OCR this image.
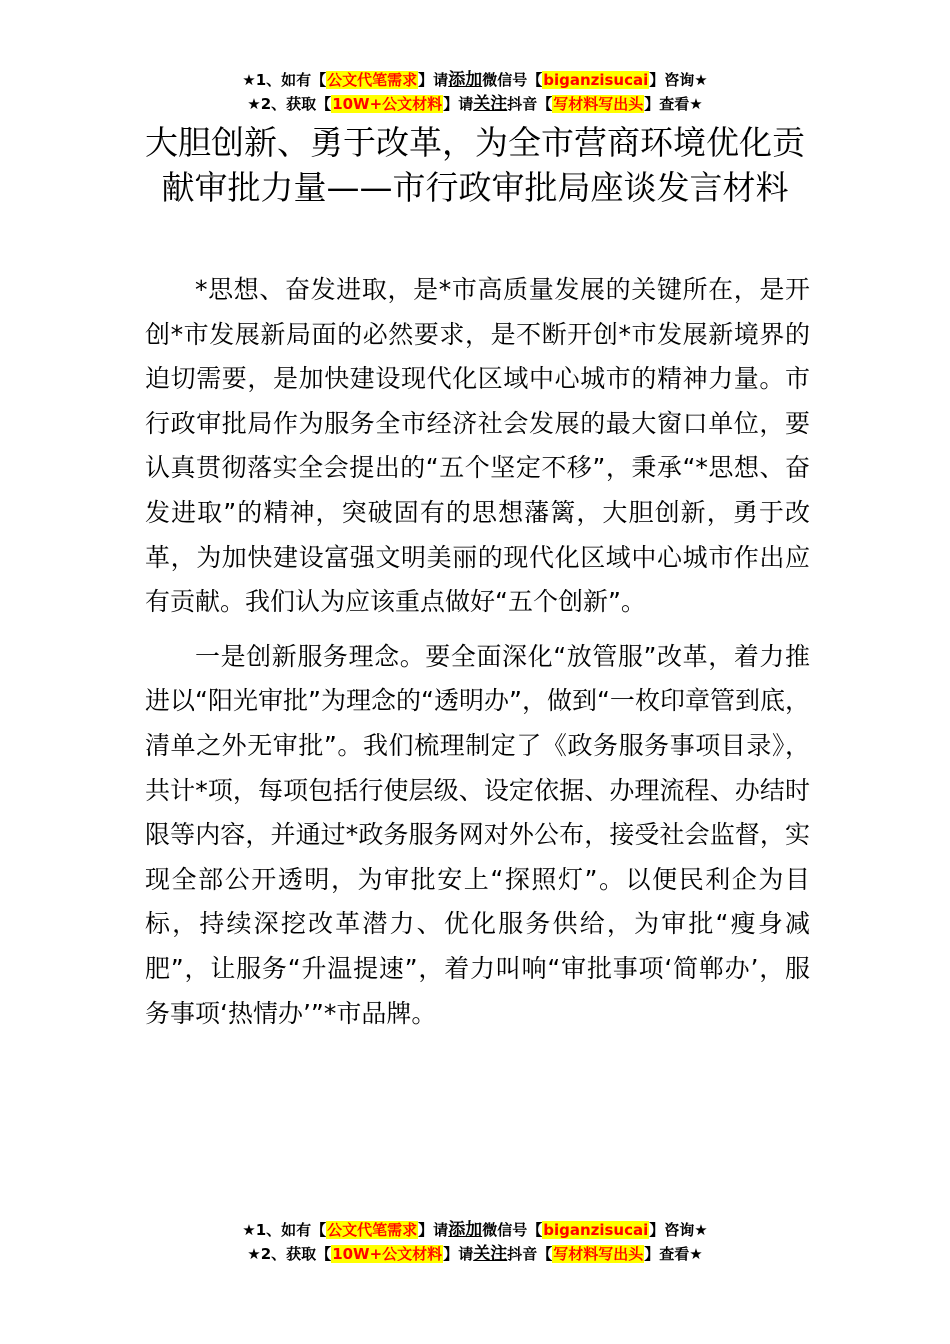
★1、如有【公文代笔需求】请添加微信号【biganzisucai】咨询★
★2、获取【10W+公文材料】请关注抖音【写材料写出头】查看★
大胆创新、勇于改革，为全市营商环境优化贡献审批力量——市行政审批局座谈发言材料

*思想、奋发进取，是*市高质量发展的关键所在，是开创*市发展新局面的必然要求，是不断开创*市发展新境界的迫切需要，是加快建设现代化区域中心城市的精神力量。市行政审批局作为服务全市经济社会发展的最大窗口单位，要认真贯彻落实全会提出的“五个坚定不移”，秉承“*思想、奋发进取”的精神，突破固有的思想藩篱，大胆创新，勇于改革，为加快建设富强文明美丽的现代化区域中心城市作出应有贡献。我们认为应该重点做好“五个创新”。

一是创新服务理念。要全面深化“放管服”改革，着力推进以“阳光审批”为理念的“透明办”，做到“一枚印章管到底，清单之外无审批”。我们梳理制定了《政务服务事项目录》，共计*项，每项包括行使层级、设定依据、办理流程、办结时限等内容，并通过*政务服务网对外公布，接受社会监督，实现全部公开透明，为审批安上“探照灯”。以便民利企为目标，持续深挖改革潜力、优化服务供给，为审批“瘦身减肥”，让服务“升温提速”，着力叫响“审批事项‘简郸办’，服务事项‘热情办’”*市品牌。

★1、如有【公文代笔需求】请添加微信号【biganzisucai】咨询★
★2、获取【10W+公文材料】请关注抖音【写材料写出头】查看★
